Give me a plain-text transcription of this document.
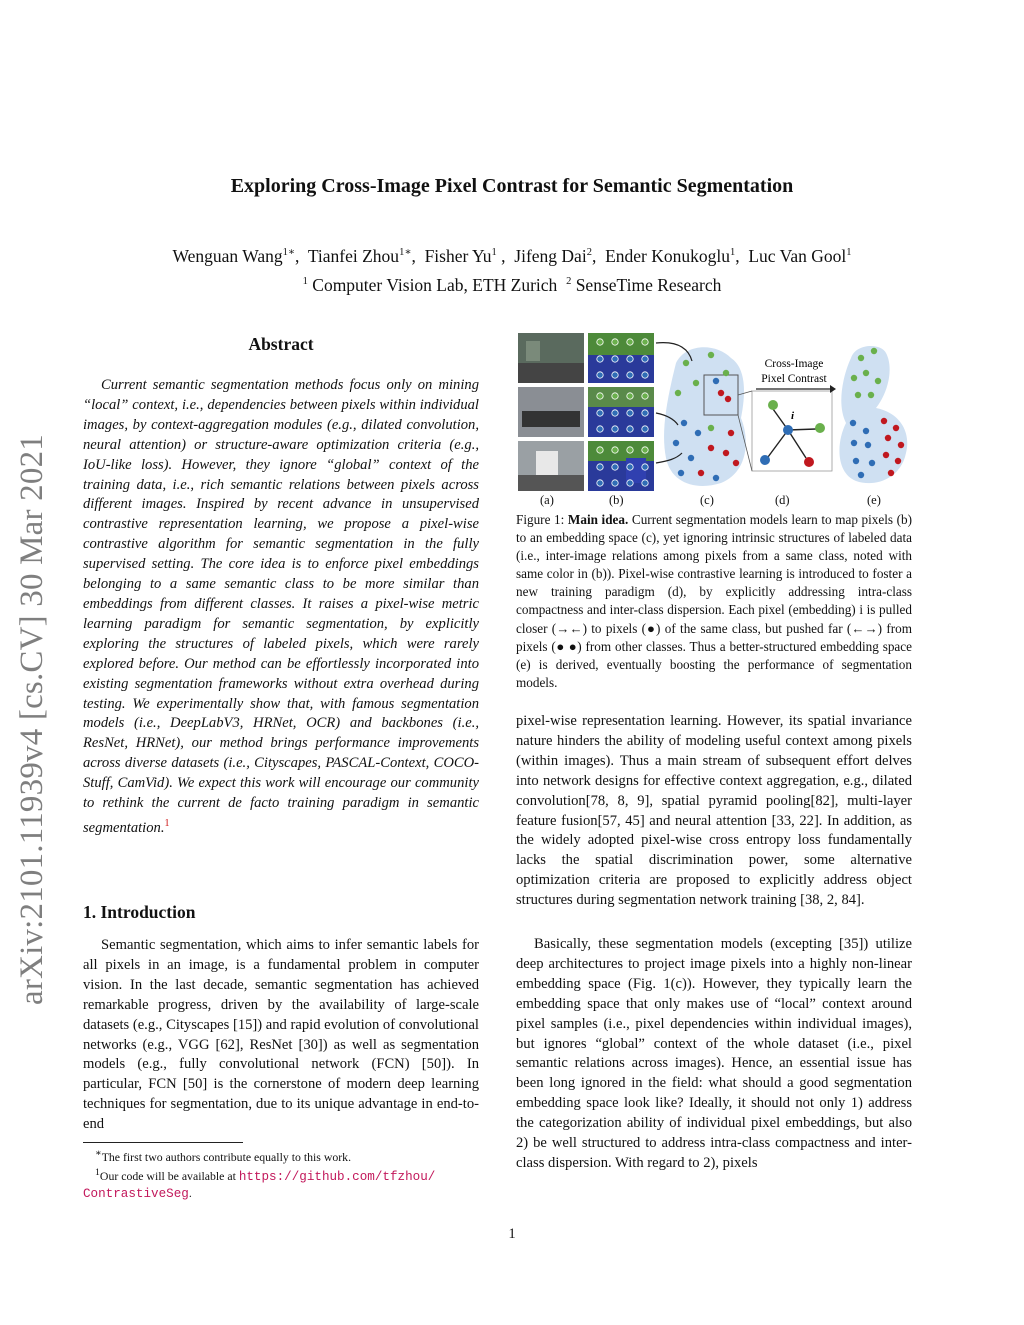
arXiv:2101.11939v4 [cs.CV] 30 Mar 2021
Exploring Cross-Image Pixel Contrast for Semantic Segmentation
Wenguan Wang$^{1∗}$,  Tianfei Zhou$^{1∗}$,  Fisher Yu$^1$ ,  Jifeng Dai$^2$,  Ender Konukoglu$^1$,  Luc Van Gool$^1$
$^1$ Computer Vision Lab, ETH Zurich $^2$ SenseTime Research
Abstract

Current semantic segmentation methods focus only on mining “local” context, i.e., dependencies between pixels within individual images, by context-aggregation modules (e.g., dilated convolution, neural attention) or structure-aware optimization criteria (e.g., IoU-like loss). However, they ignore “global” context of the training data, i.e., rich semantic relations between pixels across different images. Inspired by recent advance in unsupervised contrastive representation learning, we propose a pixel-wise contrastive algorithm for semantic segmentation in the fully supervised setting. The core idea is to enforce pixel embeddings belonging to a same semantic class to be more similar than embeddings from different classes. It raises a pixel-wise metric learning paradigm for semantic segmentation, by explicitly exploring the structures of labeled pixels, which were rarely explored before. Our method can be effortlessly incorporated into existing segmentation frameworks without extra overhead during testing. We experimentally show that, with famous segmentation models (i.e., DeepLabV3, HRNet, OCR) and backbones (i.e., ResNet, HRNet), our method brings performance improvements across diverse datasets (i.e., Cityscapes, PASCAL-Context, COCO-Stuff, CamVid). We expect this work will encourage our community to rethink the current de facto training paradigm in semantic segmentation.$^1$

1. Introduction

Semantic segmentation, which aims to infer semantic labels for all pixels in an image, is a fundamental problem in computer vision. In the last decade, semantic segmentation has achieved remarkable progress, driven by the availability of large-scale datasets (e.g., Cityscapes [15]) and rapid evolution of convolutional networks (e.g., VGG [62], ResNet [30]) as well as segmentation models (e.g., fully convolutional network (FCN) [50]). In particular, FCN [50] is the cornerstone of modern deep learning techniques for segmentation, due to its unique advantage in end-to-end

∗The first two authors contribute equally to this work.
$^1$Our code will be available at https://github.com/tfzhou/
ContrastiveSeg.
i
Cross-Image
Pixel Contrast
(a)	(b)	(c)	(d)	(e)
Figure 1: Main idea. Current segmentation models learn to map pixels (b) to an embedding space (c), yet ignoring intrinsic structures of labeled data (i.e., inter-image relations among pixels from a same class, noted with same color in (b)). Pixel-wise contrastive learning is introduced to foster a new training paradigm (d), by explicitly addressing intra-class compactness and inter-class dispersion. Each pixel (embedding) i is pulled closer (→←) to pixels (●) of the same class, but pushed far (←→) from pixels (● ●) from other classes. Thus a better-structured embedding space (e) is derived, eventually boosting the performance of segmentation models.

pixel-wise representation learning. However, its spatial invariance nature hinders the ability of modeling useful context among pixels (within images). Thus a main stream of subsequent effort delves into network designs for effective context aggregation, e.g., dilated convolution[78, 8, 9], spatial pyramid pooling[82], multi-layer feature fusion[57, 45] and neural attention [33, 22]. In addition, as the widely adopted pixel-wise cross entropy loss fundamentally lacks the spatial discrimination power, some alternative optimization criteria are proposed to explicitly address object structures during segmentation network training [38, 2, 84].

Basically, these segmentation models (excepting [35]) utilize deep architectures to project image pixels into a highly non-linear embedding space (Fig. 1(c)). However, they typically learn the embedding space that only makes use of “local” context around pixel samples (i.e., pixel dependencies within individual images), but ignores “global” context of the whole dataset (i.e., pixel semantic relations across images). Hence, an essential issue has been long ignored in the field: what should a good segmentation embedding space look like? Ideally, it should not only 1) address the categorization ability of individual pixel embeddings, but also 2) be well structured to address intra-class compactness and inter-class dispersion. With regard to 2), pixels

1
